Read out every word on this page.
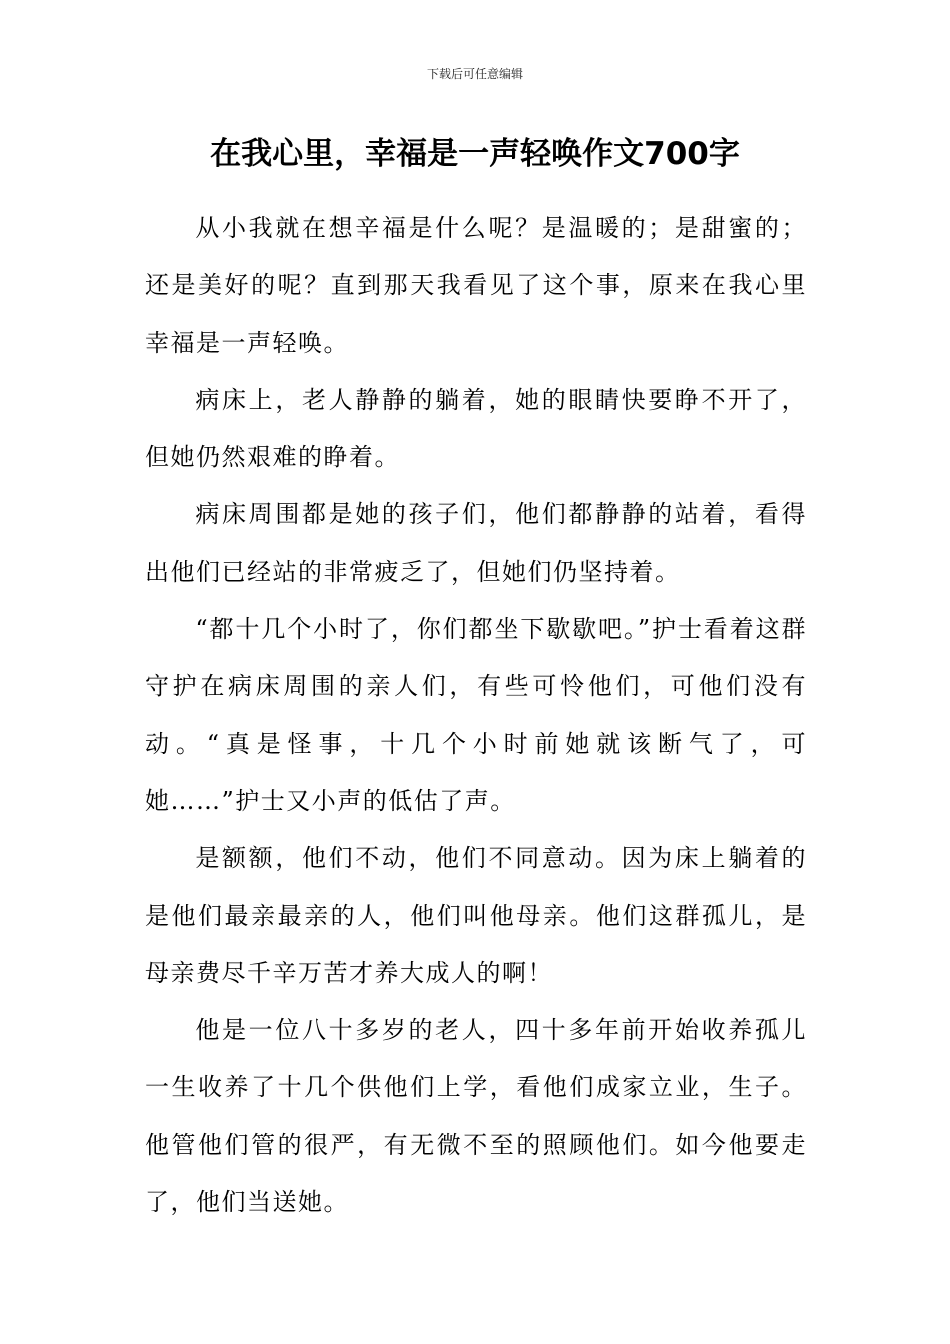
下载后可任意编辑
在我心里，幸福是一声轻唤作文700字

从小我就在想辛福是什么呢？是温暖的；是甜蜜的；还是美好的呢？直到那天我看见了这个事，原来在我心里幸福是一声轻唤。

病床上，老人静静的躺着，她的眼睛快要睁不开了，但她仍然艰难的睁着。

病床周围都是她的孩子们，他们都静静的站着，看得出他们已经站的非常疲乏了，但她们仍坚持着。

“都十几个小时了，你们都坐下歇歇吧。”护士看着这群守护在病床周围的亲人们，有些可怜他们，可他们没有动。“真是怪事，十几个小时前她就该断气了，可她……”护士又小声的低估了声。

是额额，他们不动，他们不同意动。因为床上躺着的是他们最亲最亲的人，他们叫他母亲。他们这群孤儿，是母亲费尽千辛万苦才养大成人的啊！

他是一位八十多岁的老人，四十多年前开始收养孤儿一生收养了十几个供他们上学，看他们成家立业，生子。他管他们管的很严，有无微不至的照顾他们。如今他要走了，他们当送她。
